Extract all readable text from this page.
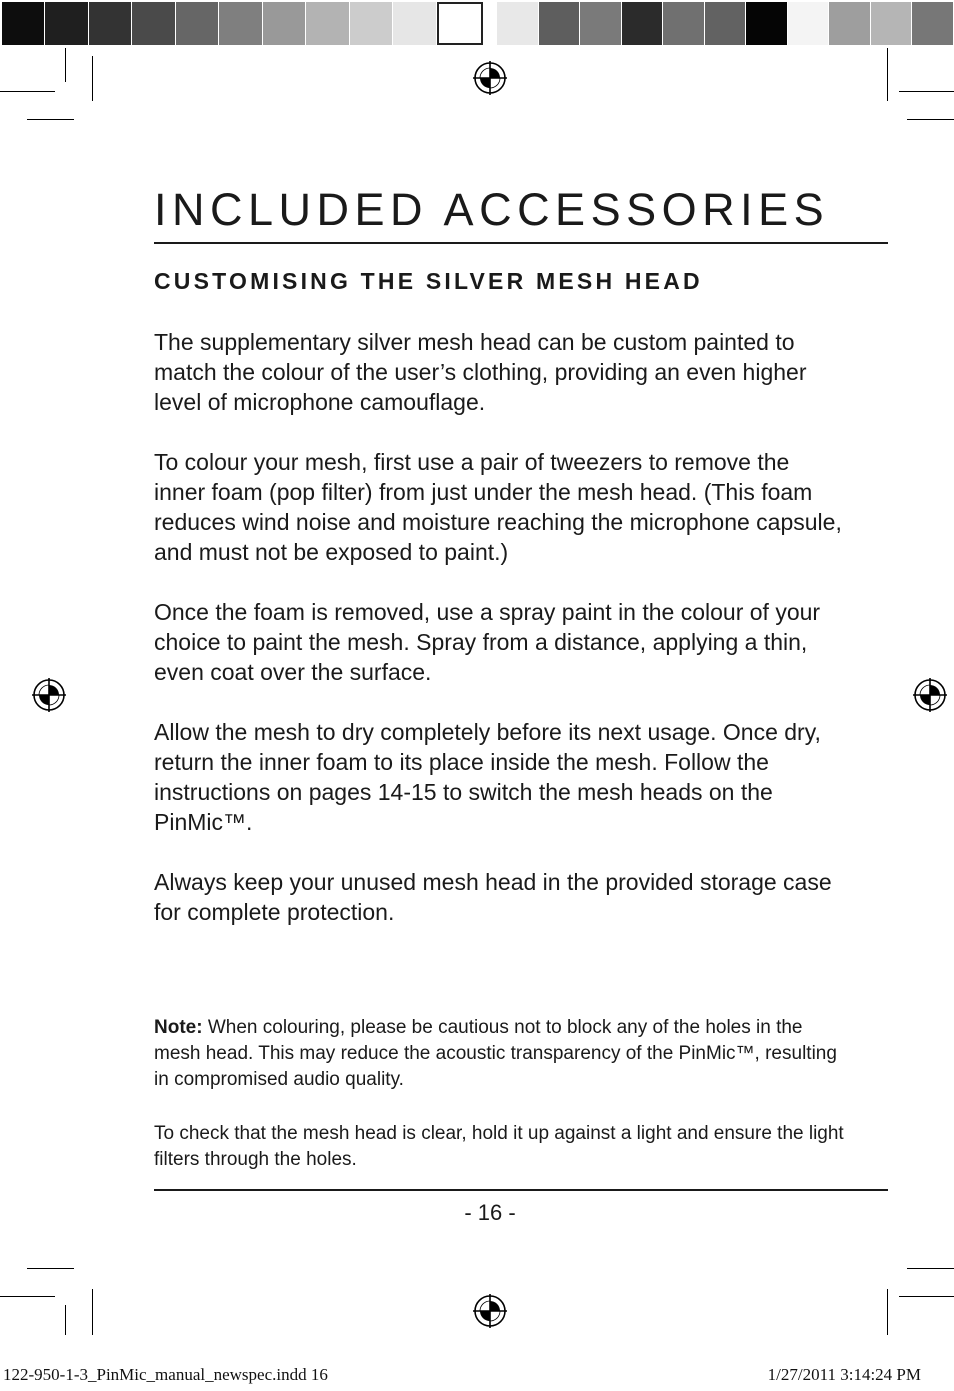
INCLUDED ACCESSORIES
CUSTOMISING THE SILVER MESH HEAD

The supplementary silver mesh head can be custom painted to match the colour of the user’s clothing, providing an even higher level of microphone camouflage.

To colour your mesh, first use a pair of tweezers to remove the inner foam (pop filter) from just under the mesh head. (This foam reduces wind noise and moisture reaching the microphone capsule, and must not be exposed to paint.)

Once the foam is removed, use a spray paint in the colour of your choice to paint the mesh. Spray from a distance, applying a thin, even coat over the surface.

Allow the mesh to dry completely before its next usage. Once dry, return the inner foam to its place inside the mesh. Follow the instructions on pages 14-15 to switch the mesh heads on the PinMic™.

Always keep your unused mesh head in the provided storage case for complete protection.

Note: When colouring, please be cautious not to block any of the holes in the mesh head. This may reduce the acoustic transparency of the PinMic™, resulting in compromised audio quality.

To check that the mesh head is clear, hold it up against a light and ensure the light filters through the holes.

- 16 -
122-950-1-3_PinMic_manual_newspec.indd 16	1/27/2011 3:14:24 PM
